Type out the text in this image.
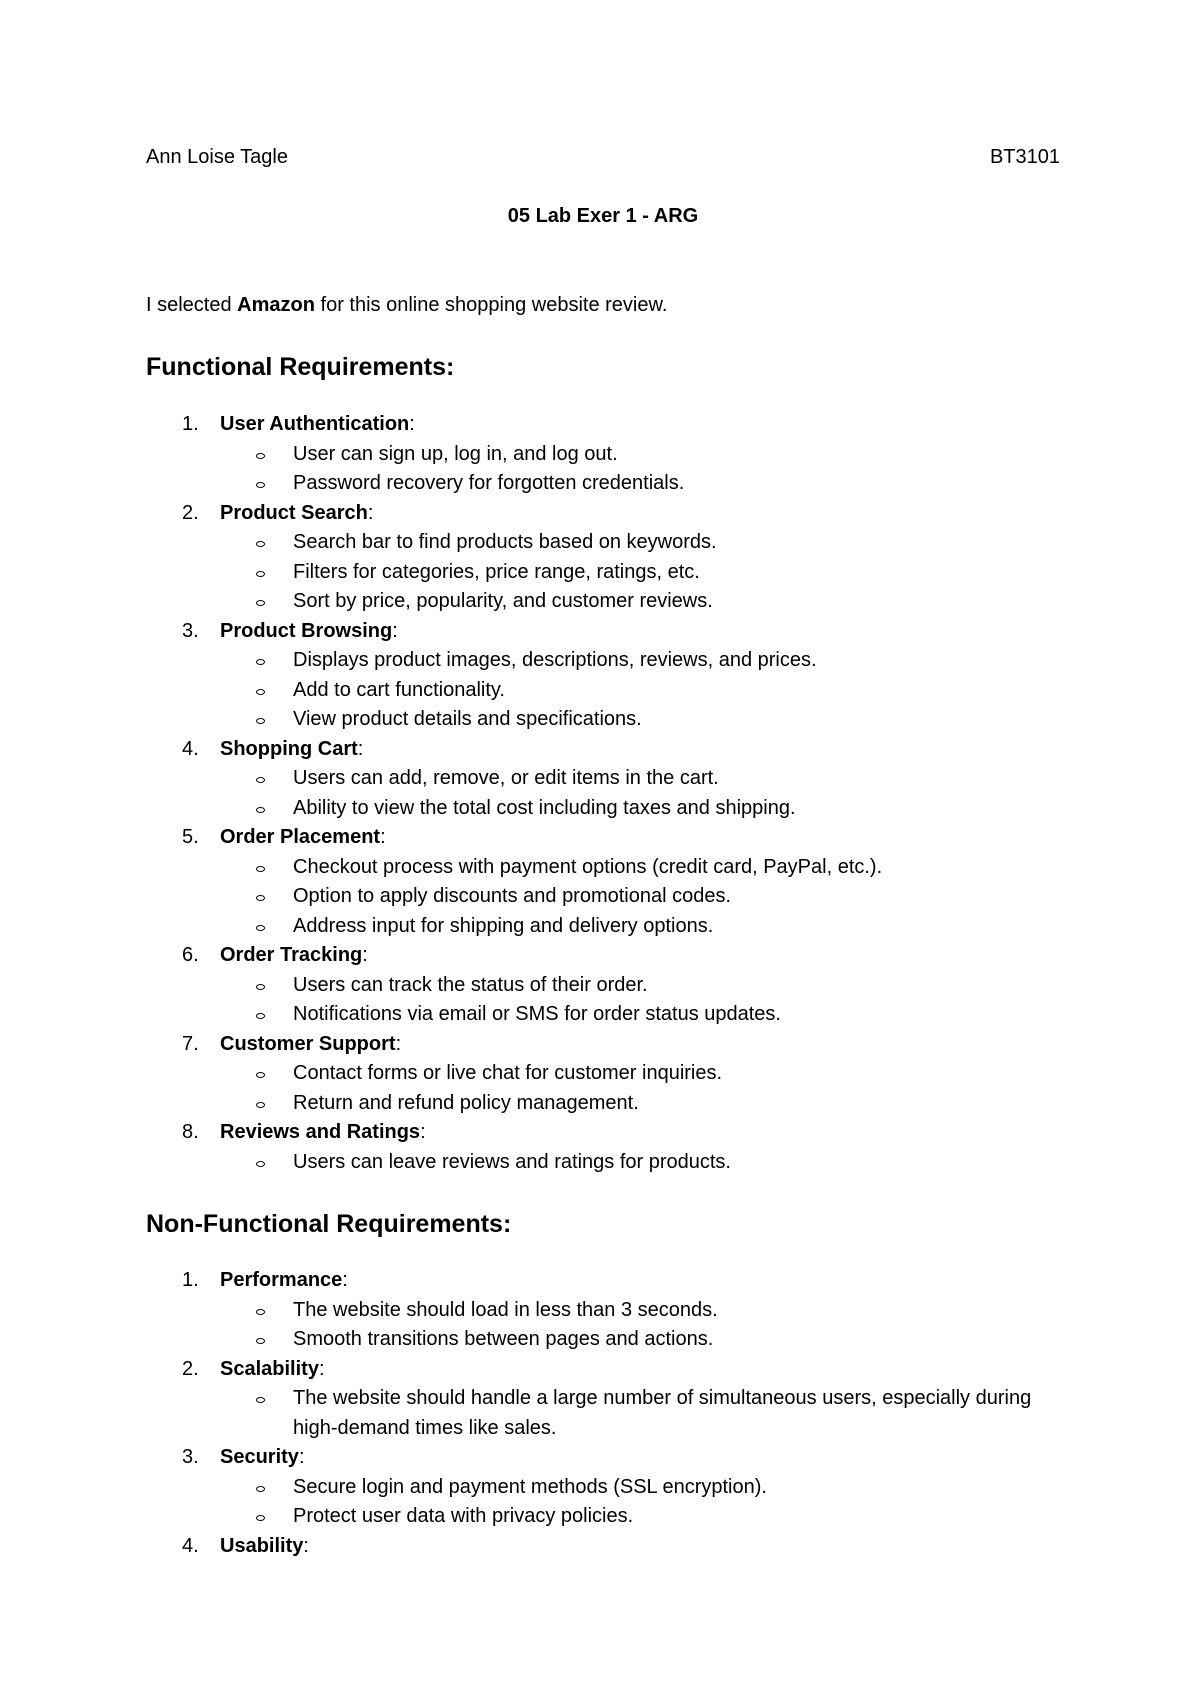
Ann Loise Tagle	BT3101
05 Lab Exer 1 - ARG
I selected Amazon for this online shopping website review.
Functional Requirements:
1. User Authentication:
User can sign up, log in, and log out.
Password recovery for forgotten credentials.
2. Product Search:
Search bar to find products based on keywords.
Filters for categories, price range, ratings, etc.
Sort by price, popularity, and customer reviews.
3. Product Browsing:
Displays product images, descriptions, reviews, and prices.
Add to cart functionality.
View product details and specifications.
4. Shopping Cart:
Users can add, remove, or edit items in the cart.
Ability to view the total cost including taxes and shipping.
5. Order Placement:
Checkout process with payment options (credit card, PayPal, etc.).
Option to apply discounts and promotional codes.
Address input for shipping and delivery options.
6. Order Tracking:
Users can track the status of their order.
Notifications via email or SMS for order status updates.
7. Customer Support:
Contact forms or live chat for customer inquiries.
Return and refund policy management.
8. Reviews and Ratings:
Users can leave reviews and ratings for products.
Non-Functional Requirements:
1. Performance:
The website should load in less than 3 seconds.
Smooth transitions between pages and actions.
2. Scalability:
The website should handle a large number of simultaneous users, especially during high-demand times like sales.
3. Security:
Secure login and payment methods (SSL encryption).
Protect user data with privacy policies.
4. Usability:
